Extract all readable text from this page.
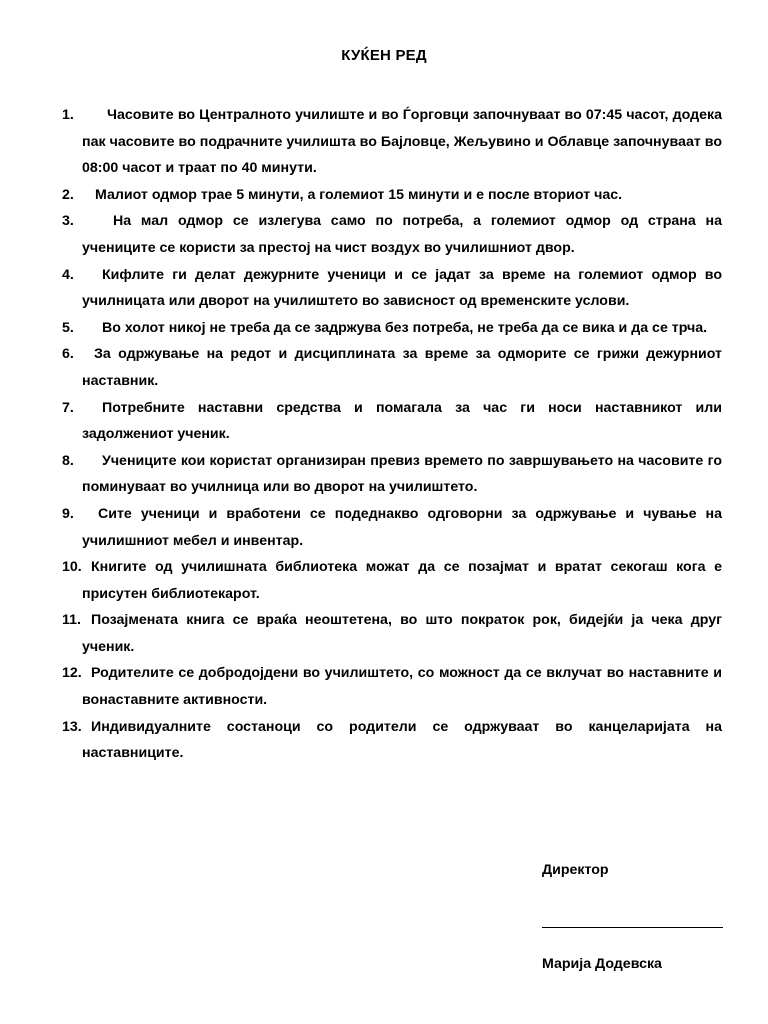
КУЌЕН РЕД
1.	Часовите во Централното училиште и во Ѓорговци започнуваат во 07:45 часот, додека пак часовите во подрачните училишта во Бајловце, Жељувино и Облавце започнуваат во 08:00 часот и траат по 40 минути.
2.	Малиот одмор трае 5 минути, а големиот 15 минути и е после вториот час.
3.	На мал одмор се излегува само по потреба, а големиот одмор од страна на учениците се користи за престој на чист воздух во училишниот двор.
4.	Кифлите ги делат дежурните ученици и се јадат за време на големиот одмор во училницата или дворот на училиштето во зависност од временските услови.
5.	Во холот никој не треба да се задржува без потреба, не треба да се вика и да се трча.
6.	За одржување на редот и дисциплината за време за одморите се грижи дежурниот наставник.
7.	Потребните наставни средства и помагала за час ги носи наставникот или задолжениот ученик.
8.	Учениците кои користат организиран превиз времето по завршувањето на часовите го поминуваат во училница или во дворот на училиштето.
9.	Сите ученици и вработени се подеднакво одговорни за одржување и чување на училишниот мебел и инвентар.
10. Книгите од училишната библиотека можат да се позајмат и вратат секогаш кога е присутен библиотекарот.
11. Позајмената книга се враќа неоштетена, во што пократок рок, бидејќи ја чека друг ученик.
12. Родителите се добродојдени во училиштето, со можност да се вклучат во наставните и вонаставните активности.
13. Индивидуалните состаноци со родители се одржуваат во канцеларијата на наставниците.
Директор
Марија Додевска
